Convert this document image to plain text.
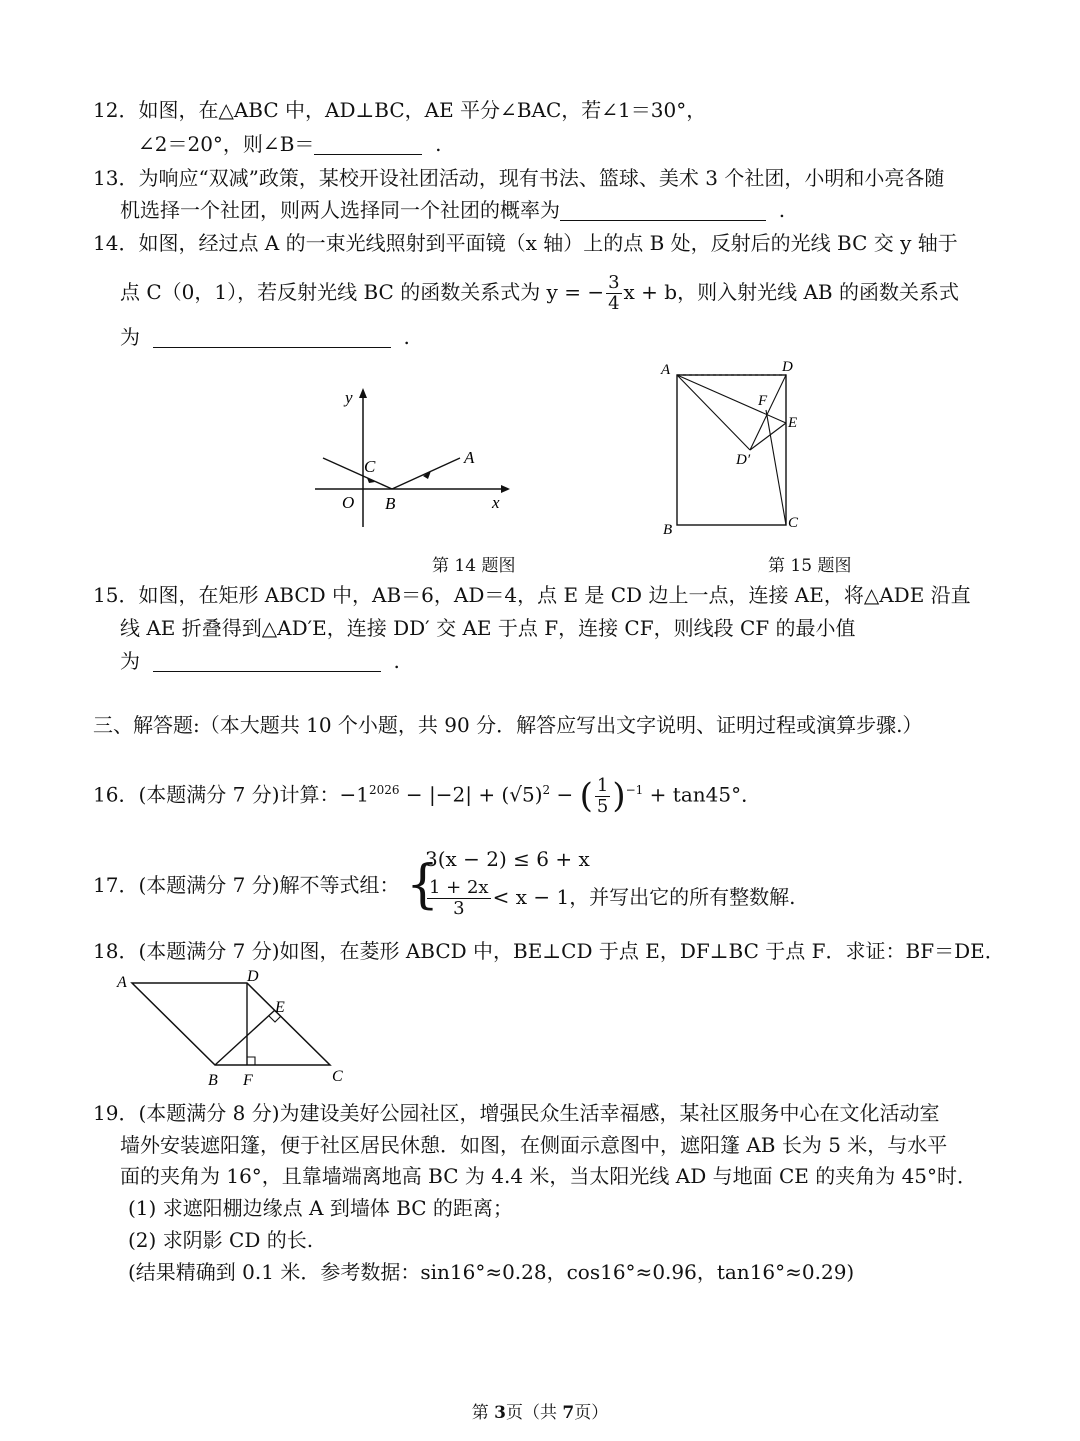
12．如图，在△ABC 中，AD⊥BC，AE 平分∠BAC，若∠1＝30°，
∠2＝20°，则∠B＝	.
13．为响应“双减”政策，某校开设社团活动，现有书法、篮球、美术 3 个社团，小明和小亮各随
机选择一个社团，则两人选择同一个社团的概率为	.
14．如图，经过点 A 的一束光线照射到平面镜（x 轴）上的点 B 处，反射后的光线 BC 交 y 轴于
点 C（0，1），若反射光线 BC 的函数关系式为 y = − $\frac{3}{4}$ x + b，则入射光线 AB 的函数关系式
为	.
y
x
O
C
B
A
第 14 题图
A	D
F
E
D′
B	C
第 15 题图
15．如图，在矩形 ABCD 中，AB＝6，AD＝4，点 E 是 CD 边上一点，连接 AE，将△ADE 沿直
线 AE 折叠得到△AD′E，连接 DD′ 交 AE 于点 F，连接 CF，则线段 CF 的最小值
为	.
三、解答题:（本大题共 10 个小题，共 90 分．解答应写出文字说明、证明过程或演算步骤.）
16．(本题满分 7 分)计算：$-1^{2026} - |-2| + (√5)^2$ − ( $\frac{1}{5} )^{-1} + \tan 45^\circ$．
17．(本题满分 7 分)解不等式组： {
3(x − 2) ≤ 6 + x
$\frac{1 + 2x}{3} < x - 1$，并写出它的所有整数解.
18．(本题满分 7 分)如图，在菱形 ABCD 中，BE⊥CD 于点 E，DF⊥BC 于点 F．求证：BF＝DE．
A	D
E
B F	C
19．(本题满分 8 分)为建设美好公园社区，增强民众生活幸福感，某社区服务中心在文化活动室
墙外安装遮阳篷，便于社区居民休憩．如图，在侧面示意图中，遮阳篷 AB 长为 5 米，与水平
面的夹角为 16°，且靠墙端离地高 BC 为 4.4 米，当太阳光线 AD 与地面 CE 的夹角为 45°时．
(1) 求遮阳棚边缘点 A 到墙体 BC 的距离；
(2) 求阴影 CD 的长.
(结果精确到 0.1 米．参考数据：sin16°≈0.28，cos16°≈0.96，tan16°≈0.29)
第 3页（共 7页）
